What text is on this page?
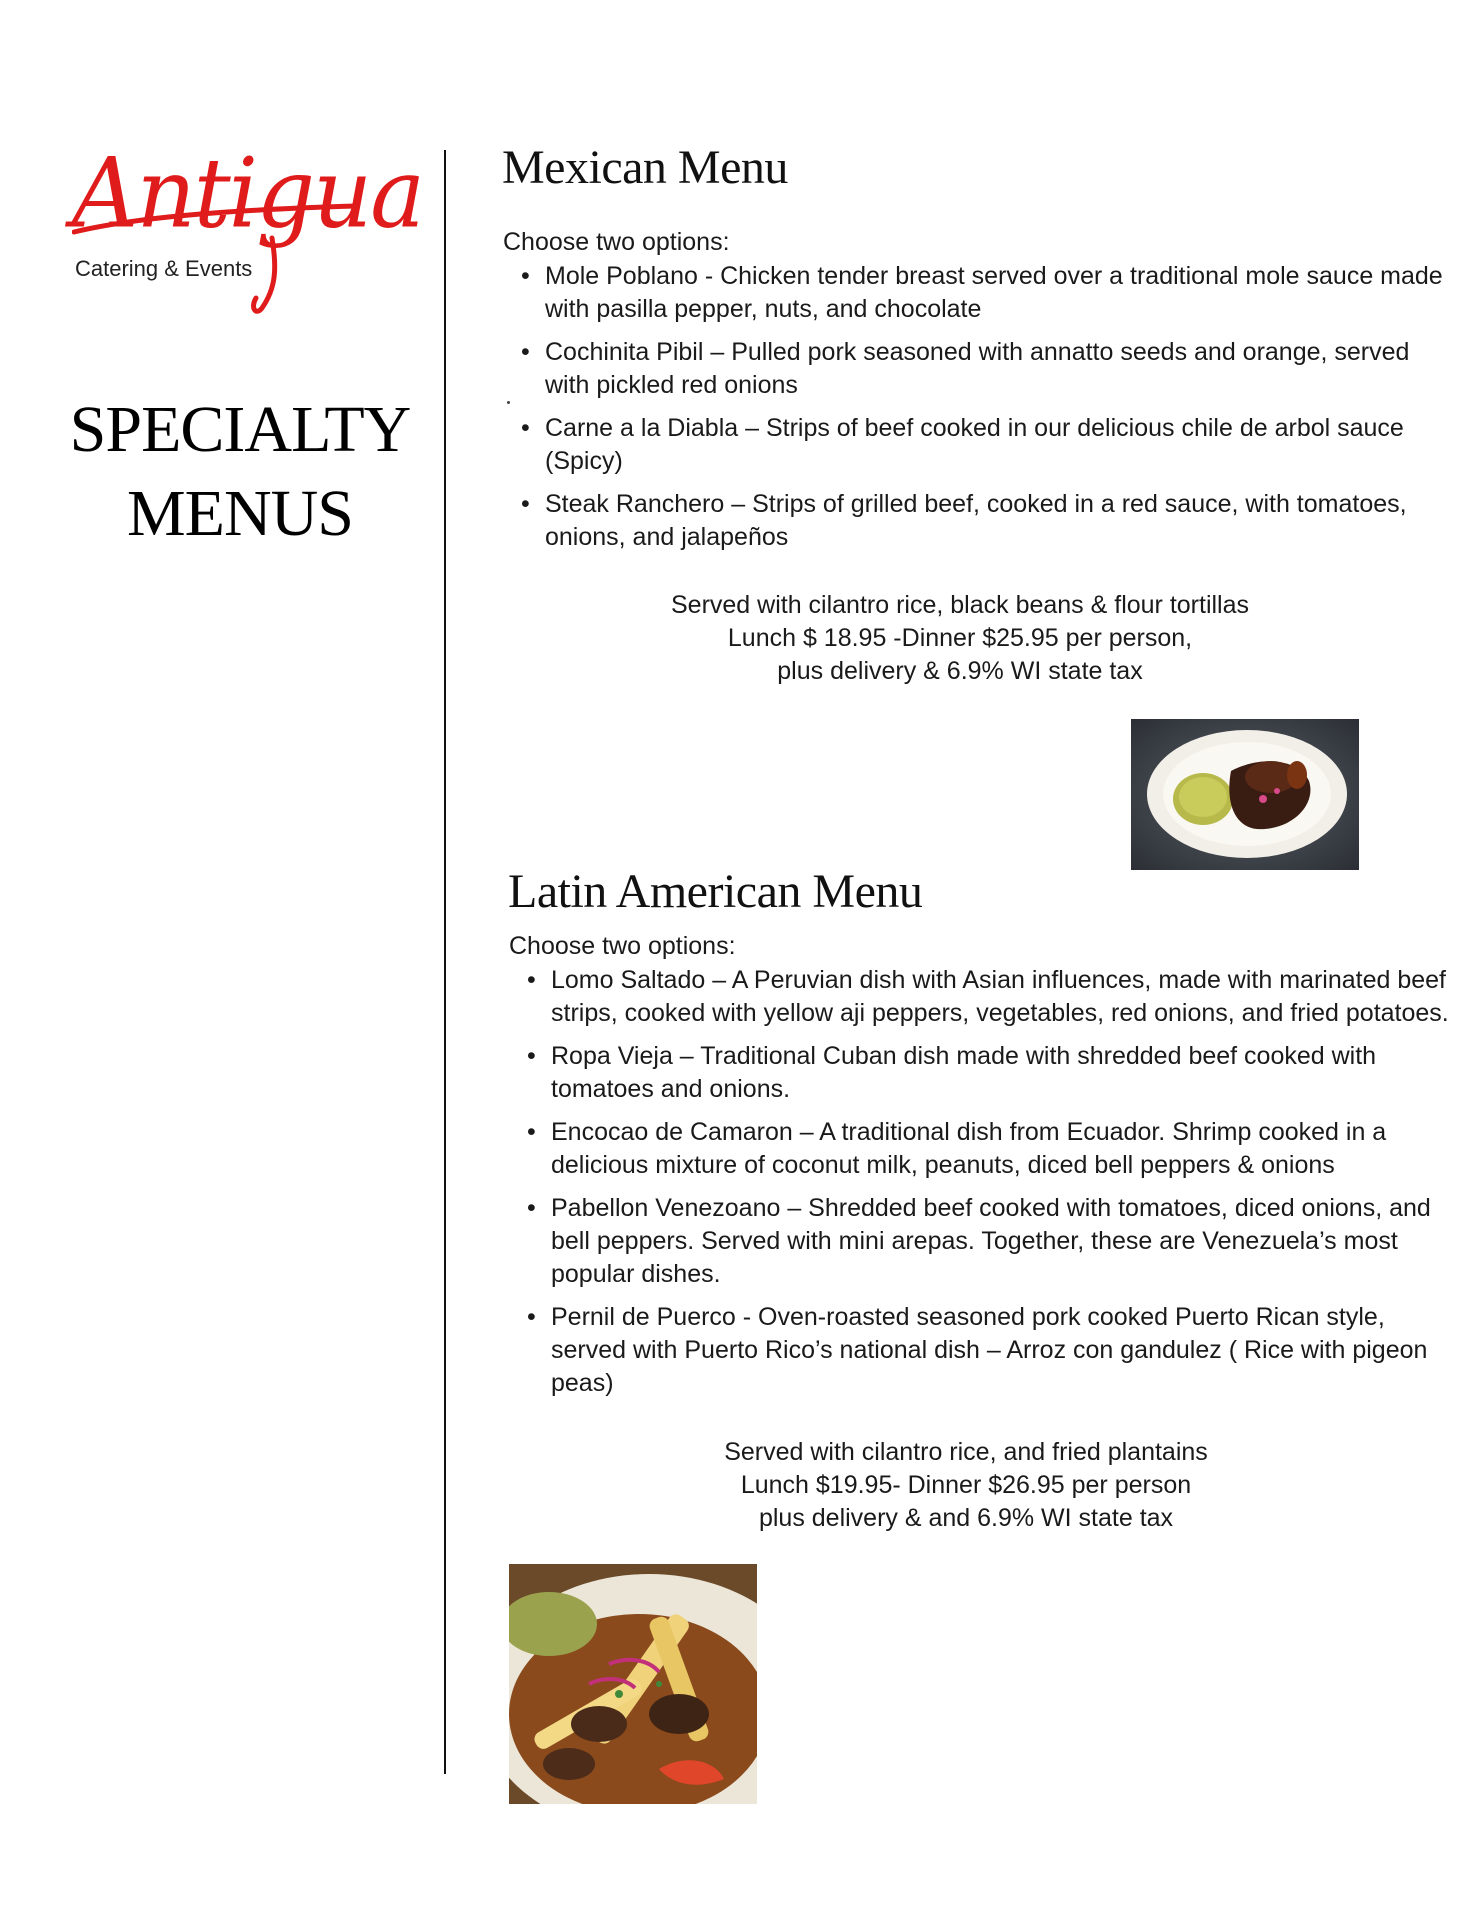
Antigua
Catering & Events
SPECIALTY
MENUS
Mexican Menu
Choose two options:
• Mole Poblano - Chicken tender breast served over a traditional mole sauce made with pasilla pepper, nuts, and chocolate
• Cochinita Pibil – Pulled pork seasoned with annatto seeds and orange, served with pickled red onions
• Carne a la Diabla – Strips of beef cooked in our delicious chile de arbol sauce (Spicy)
• Steak Ranchero – Strips of grilled beef, cooked in a red sauce, with tomatoes, onions, and jalapeños
Served with cilantro rice, black beans & flour tortillas
Lunch $ 18.95 -Dinner $25.95 per person,
plus delivery & 6.9% WI state tax
Latin American Menu
Choose two options:
• Lomo Saltado – A Peruvian dish with Asian influences, made with marinated beef strips, cooked with yellow aji peppers, vegetables, red onions, and fried potatoes.
• Ropa Vieja – Traditional Cuban dish made with shredded beef cooked with tomatoes and onions.
• Encocao de Camaron – A traditional dish from Ecuador. Shrimp cooked in a delicious mixture of coconut milk, peanuts, diced bell peppers & onions
• Pabellon Venezoano – Shredded beef cooked with tomatoes, diced onions, and bell peppers. Served with mini arepas. Together, these are Venezuela’s most popular dishes.
• Pernil de Puerco - Oven-roasted seasoned pork cooked Puerto Rican style, served with Puerto Rico’s national dish – Arroz con gandulez ( Rice with pigeon peas)
Served with cilantro rice, and fried plantains
Lunch $19.95- Dinner $26.95 per person
plus delivery & and 6.9% WI state tax
